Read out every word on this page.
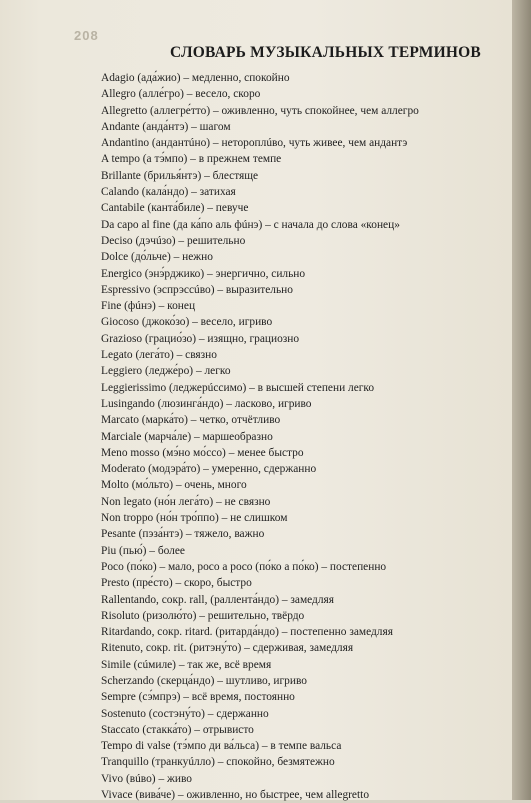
208
СЛОВАРЬ МУЗЫКАЛЬНЫХ ТЕРМИНОВ
Adagio (ада́жио) – медленно, спокойно
Allegro (алле́гро) – весело, скоро
Allegretto (аллегре́тто) – оживленно, чуть спокойнее, чем аллегро
Andante (анда́нтэ) – шагом
Andantino (андантúно) – нетороплúво, чуть живее, чем андантэ
A tempo (а тэ́мпо) – в прежнем темпе
Brillante (брилья́нтэ) – блестяще
Calando (кала́ндо) – затихая
Cantabile (канта́биле) – певуче
Da capo al fine (да ка́по аль фúнэ) – с начала до слова «конец»
Deciso (дэчúзо) – решительно
Dolce (до́льче) – нежно
Energico (энэ́рджико) – энергично, сильно
Espressivo (эспрэссúво) – выразительно
Fine (фúнэ) – конец
Giocoso (джоко́зо) – весело, игриво
Grazioso (грацио́зо) – изящно, грациозно
Legato (лега́то) – связно
Leggiero (ледже́ро) – легко
Leggierissimo (леджерúссимо) – в высшей степени легко
Lusingando (люзинга́ндо) – ласково, игриво
Marcato (марка́то) – четко, отчётливо
Marciale (марча́ле) – маршеобразно
Meno mosso (мэ́но мо́ссо) – менее быстро
Moderato (модэра́то) – умеренно, сдержанно
Molto (мо́льто) – очень, много
Non legato (но́н лега́то) – не связно
Non troppo (но́н тро́ппо) – не слишком
Pesante (пэза́нтэ) – тяжело, важно
Piu (пью́) – более
Poco (по́ко) – мало, poco a poco (по́ко а по́ко) – постепенно
Presto (пре́сто) – скоро, быстро
Rallentando, сокр. rall, (раллента́ндо) – замедляя
Risoluto (ризолю́то) – решительно, твёрдо
Ritardando, сокр. ritard. (ритарда́ндо) – постепенно замедляя
Ritenuto, сокр. rit. (ритэну́то) – сдерживая, замедляя
Simile (сúмиле) – так же, всё время
Scherzando (скерца́ндо) – шутливо, игриво
Sempre (сэ́мпрэ) – всё время, постоянно
Sostenuto (состэну́то) – сдержанно
Staccato (стакка́то) – отрывисто
Tempo di valse (тэ́мпо ди ва́льса) – в темпе вальса
Tranquillo (транкуúлло) – спокойно, безмятежно
Vivo (вúво) – живо
Vivace (вива́че) – оживленно, но быстрее, чем allegretto
